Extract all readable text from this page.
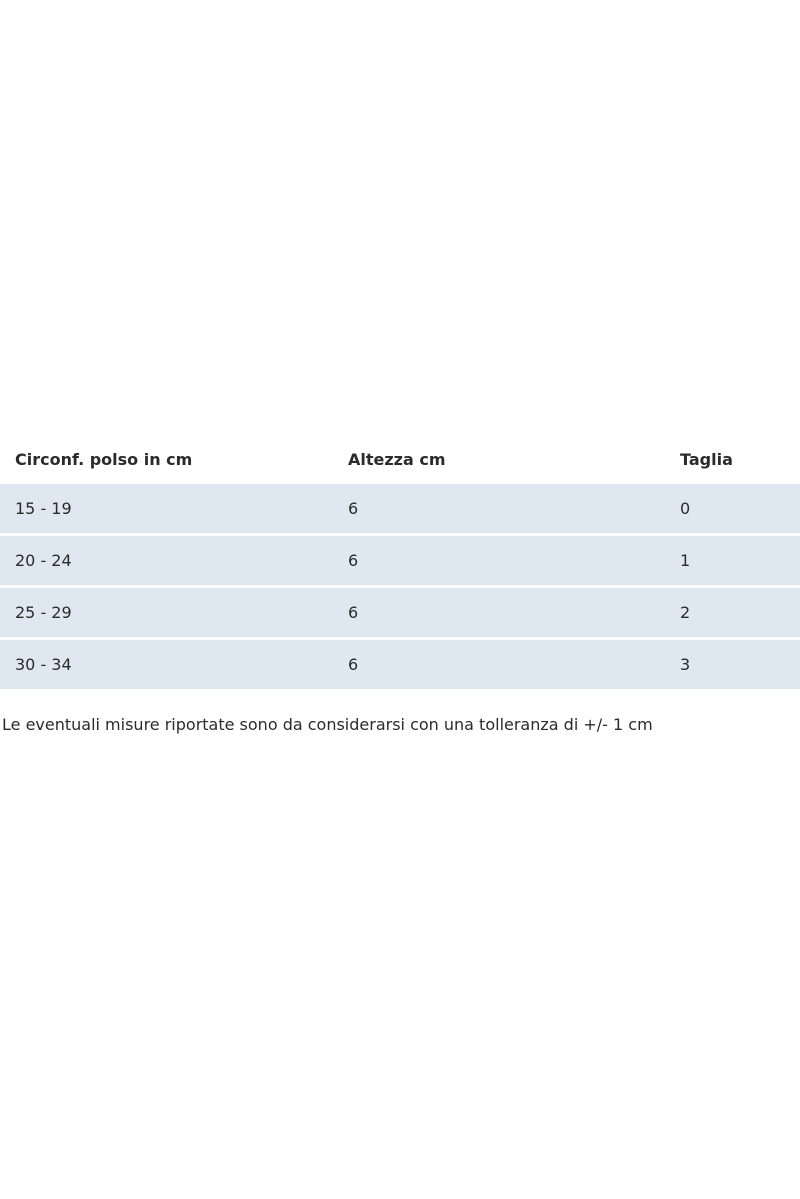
Circonf. polso in cm	Altezza cm	Taglia
15 - 19	6	0
20 - 24	6	1
25 - 29	6	2
30 - 34	6	3
Le eventuali misure riportate sono da considerarsi con una tolleranza di +/- 1 cm
